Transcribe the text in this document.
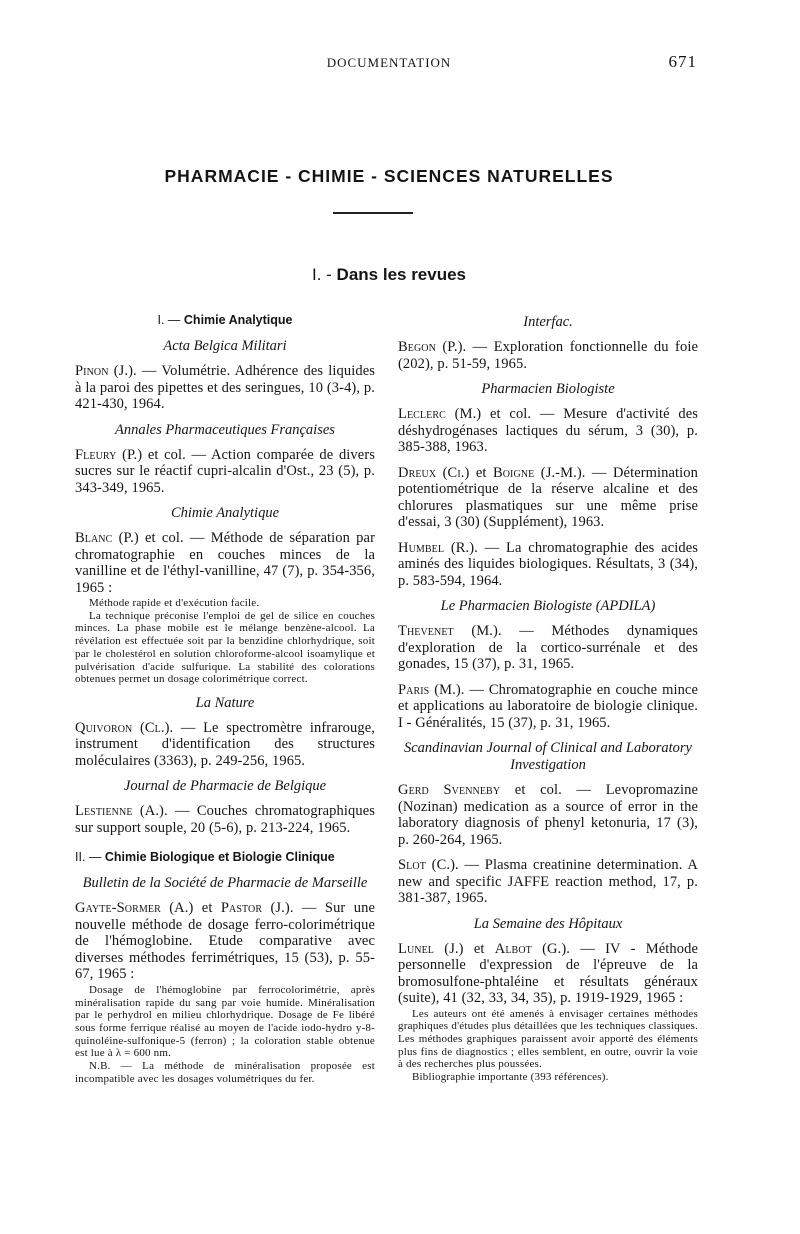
DOCUMENTATION	671
PHARMACIE - CHIMIE - SCIENCES NATURELLES
I. - Dans les revues
I. — Chimie Analytique
Acta Belgica Militari
Pinon (J.). — Volumétrie. Adhérence des liquides à la paroi des pipettes et des seringues, 10 (3-4), p. 421-430, 1964.
Annales Pharmaceutiques Françaises
Fleury (P.) et col. — Action comparée de divers sucres sur le réactif cupri-alcalin d'Ost., 23 (5), p. 343-349, 1965.
Chimie Analytique
Blanc (P.) et col. — Méthode de séparation par chromatographie en couches minces de la vanilline et de l'éthyl-vanilline, 47 (7), p. 354-356, 1965 :

Méthode rapide et d'exécution facile.

La technique préconise l'emploi de gel de silice en couches minces. La phase mobile est le mélange benzène-alcool. La révélation est effectuée soit par la benzidine chlorhydrique, soit par le cholestérol en solution chloroforme-alcool isoamylique et pulvérisation d'acide sulfurique. La stabilité des colorations obtenues permet un dosage colorimétrique correct.

La Nature
Quivoron (Cl.). — Le spectromètre infrarouge, instrument d'identification des structures moléculaires (3363), p. 249-256, 1965.
Journal de Pharmacie de Belgique
Lestienne (A.). — Couches chromatographiques sur support souple, 20 (5-6), p. 213-224, 1965.
II. — Chimie Biologique et Biologie Clinique
Bulletin de la Société de Pharmacie de Marseille
Gayte-Sormer (A.) et Pastor (J.). — Sur une nouvelle méthode de dosage ferro-colorimétrique de l'hémoglobine. Etude comparative avec diverses méthodes ferrimétriques, 15 (53), p. 55-67, 1965 :

Dosage de l'hémoglobine par ferrocolorimétrie, après minéralisation rapide du sang par voie humide. Minéralisation par le perhydrol en milieu chlorhydrique. Dosage de Fe libéré sous forme ferrique réalisé au moyen de l'acide iodo-hydro y-8-quinoléine-sulfonique-5 (ferron) ; la coloration stable obtenue est lue à λ = 600 nm.

N.B. — La méthode de minéralisation proposée est incompatible avec les dosages volumétriques du fer.

Interfac.
Begon (P.). — Exploration fonctionnelle du foie (202), p. 51-59, 1965.
Pharmacien Biologiste
Leclerc (M.) et col. — Mesure d'activité des déshydrogénases lactiques du sérum, 3 (30), p. 385-388, 1963.
Dreux (Ci.) et Boigne (J.-M.). — Détermination potentiométrique de la réserve alcaline et des chlorures plasmatiques sur une même prise d'essai, 3 (30) (Supplément), 1963.
Humbel (R.). — La chromatographie des acides aminés des liquides biologiques. Résultats, 3 (34), p. 583-594, 1964.
Le Pharmacien Biologiste (APDILA)
Thevenet (M.). — Méthodes dynamiques d'exploration de la cortico-surrénale et des gonades, 15 (37), p. 31, 1965.
Paris (M.). — Chromatographie en couche mince et applications au laboratoire de biologie clinique. I - Généralités, 15 (37), p. 31, 1965.
Scandinavian Journal of Clinical and Laboratory Investigation
Gerd Svenneby et col. — Levopromazine (Nozinan) medication as a source of error in the laboratory diagnosis of phenyl ketonuria, 17 (3), p. 260-264, 1965.
Slot (C.). — Plasma creatinine determination. A new and specific JAFFE reaction method, 17, p. 381-387, 1965.
La Semaine des Hôpitaux
Lunel (J.) et Albot (G.). — IV - Méthode personnelle d'expression de l'épreuve de la bromosulfone-phtaléine et résultats généraux (suite), 41 (32, 33, 34, 35), p. 1919-1929, 1965 :

Les auteurs ont été amenés à envisager certaines méthodes graphiques d'études plus détaillées que les techniques classiques. Les méthodes graphiques paraissent avoir apporté des éléments plus fins de diagnostics ; elles semblent, en outre, ouvrir la voie à des recherches plus poussées.

Bibliographie importante (393 références).
